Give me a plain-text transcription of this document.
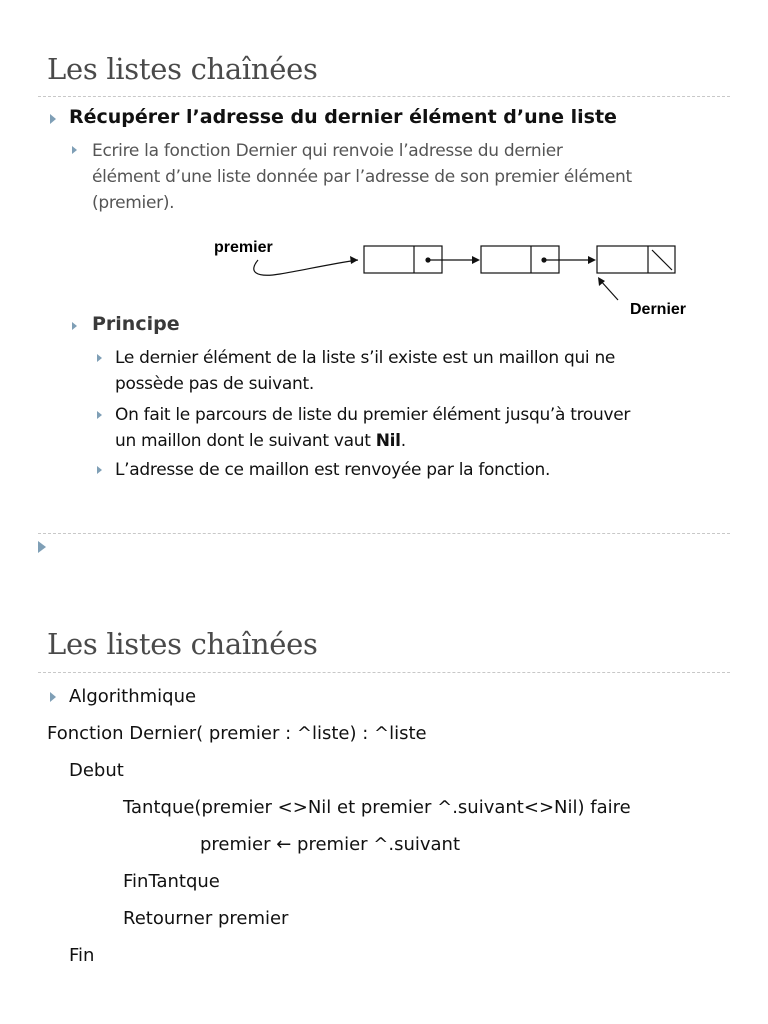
Les listes chaînées
Récupérer l’adresse du dernier élément d’une liste
Ecrire la fonction Dernier qui renvoie l’adresse du dernier
élément d’une liste donnée par l’adresse de son premier élément
(premier).
premier
Dernier
Principe
Le dernier élément de la liste s’il existe est un maillon qui ne
possède pas de suivant.
On fait le parcours de liste du premier élément jusqu’à trouver
un maillon dont le suivant vaut Nil.
L’adresse de ce maillon est renvoyée par la fonction.
Les listes chaînées
Algorithmique
Fonction Dernier( premier : ^liste) : ^liste
Debut
Tantque(premier <>Nil et premier ^.suivant<>Nil) faire
premier ← premier ^.suivant
FinTantque
Retourner premier
Fin
